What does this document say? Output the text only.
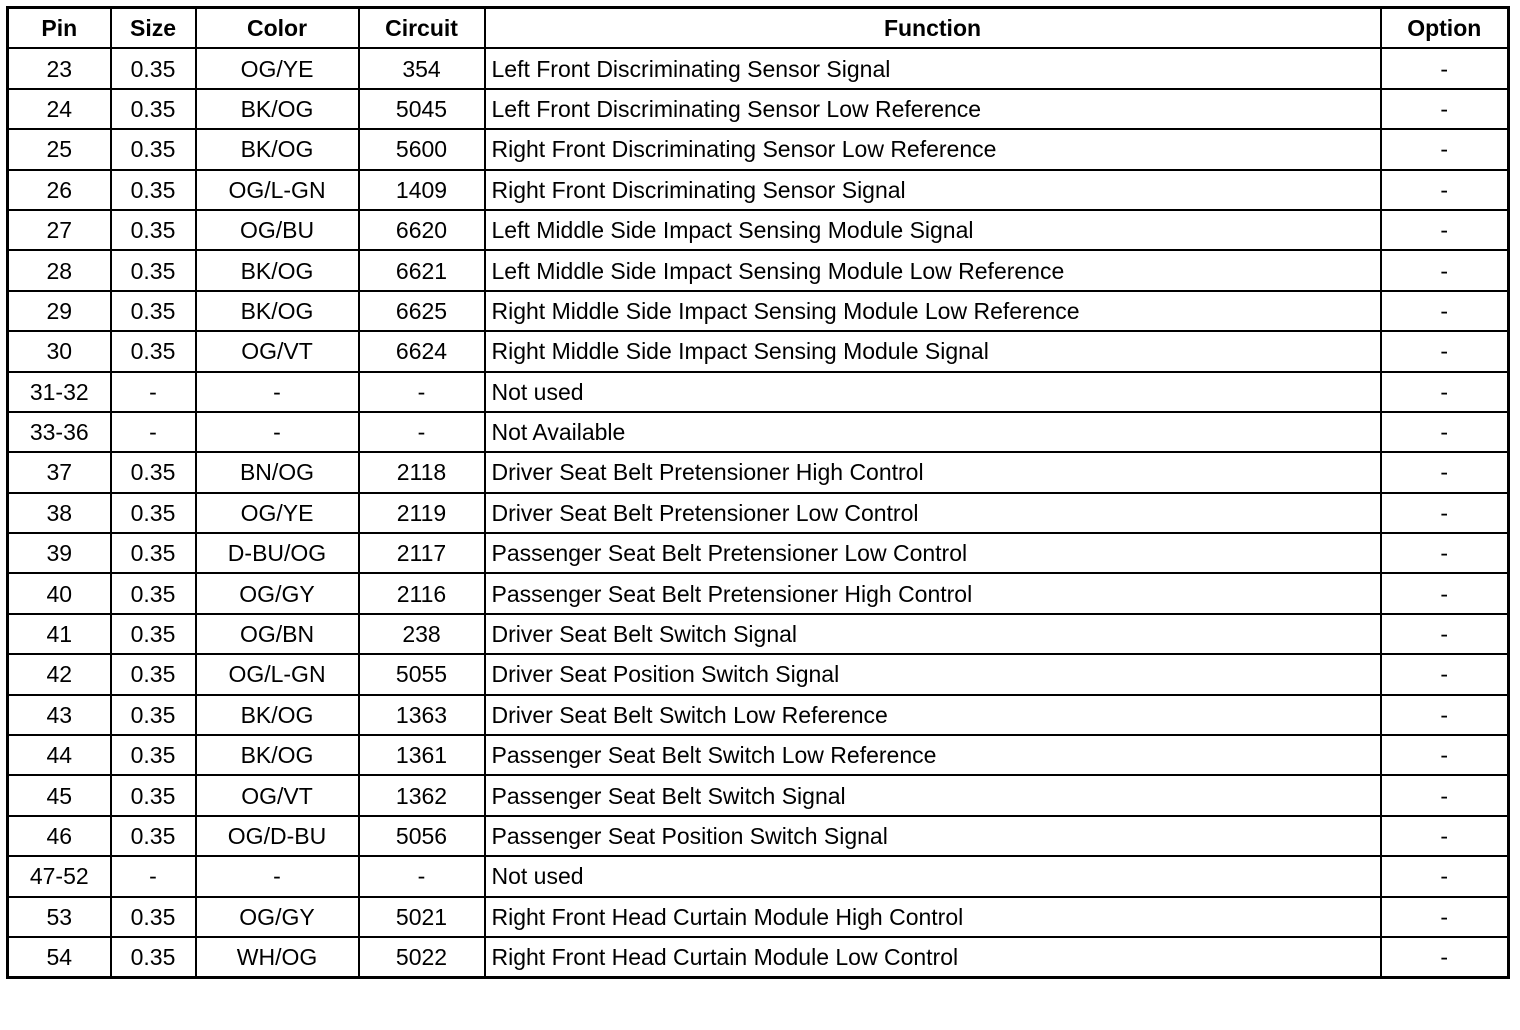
Pin	Size	Color	Circuit	Function	Option
23	0.35	OG/YE	354	Left Front Discriminating Sensor Signal	-
24	0.35	BK/OG	5045	Left Front Discriminating Sensor Low Reference	-
25	0.35	BK/OG	5600	Right Front Discriminating Sensor Low Reference	-
26	0.35	OG/L-GN	1409	Right Front Discriminating Sensor Signal	-
27	0.35	OG/BU	6620	Left Middle Side Impact Sensing Module Signal	-
28	0.35	BK/OG	6621	Left Middle Side Impact Sensing Module Low Reference	-
29	0.35	BK/OG	6625	Right Middle Side Impact Sensing Module Low Reference	-
30	0.35	OG/VT	6624	Right Middle Side Impact Sensing Module Signal	-
31-32	-	-	-	Not used	-
33-36	-	-	-	Not Available	-
37	0.35	BN/OG	2118	Driver Seat Belt Pretensioner High Control	-
38	0.35	OG/YE	2119	Driver Seat Belt Pretensioner Low Control	-
39	0.35	D-BU/OG	2117	Passenger Seat Belt Pretensioner Low Control	-
40	0.35	OG/GY	2116	Passenger Seat Belt Pretensioner High Control	-
41	0.35	OG/BN	238	Driver Seat Belt Switch Signal	-
42	0.35	OG/L-GN	5055	Driver Seat Position Switch Signal	-
43	0.35	BK/OG	1363	Driver Seat Belt Switch Low Reference	-
44	0.35	BK/OG	1361	Passenger Seat Belt Switch Low Reference	-
45	0.35	OG/VT	1362	Passenger Seat Belt Switch Signal	-
46	0.35	OG/D-BU	5056	Passenger Seat Position Switch Signal	-
47-52	-	-	-	Not used	-
53	0.35	OG/GY	5021	Right Front Head Curtain Module High Control	-
54	0.35	WH/OG	5022	Right Front Head Curtain Module Low Control	-
